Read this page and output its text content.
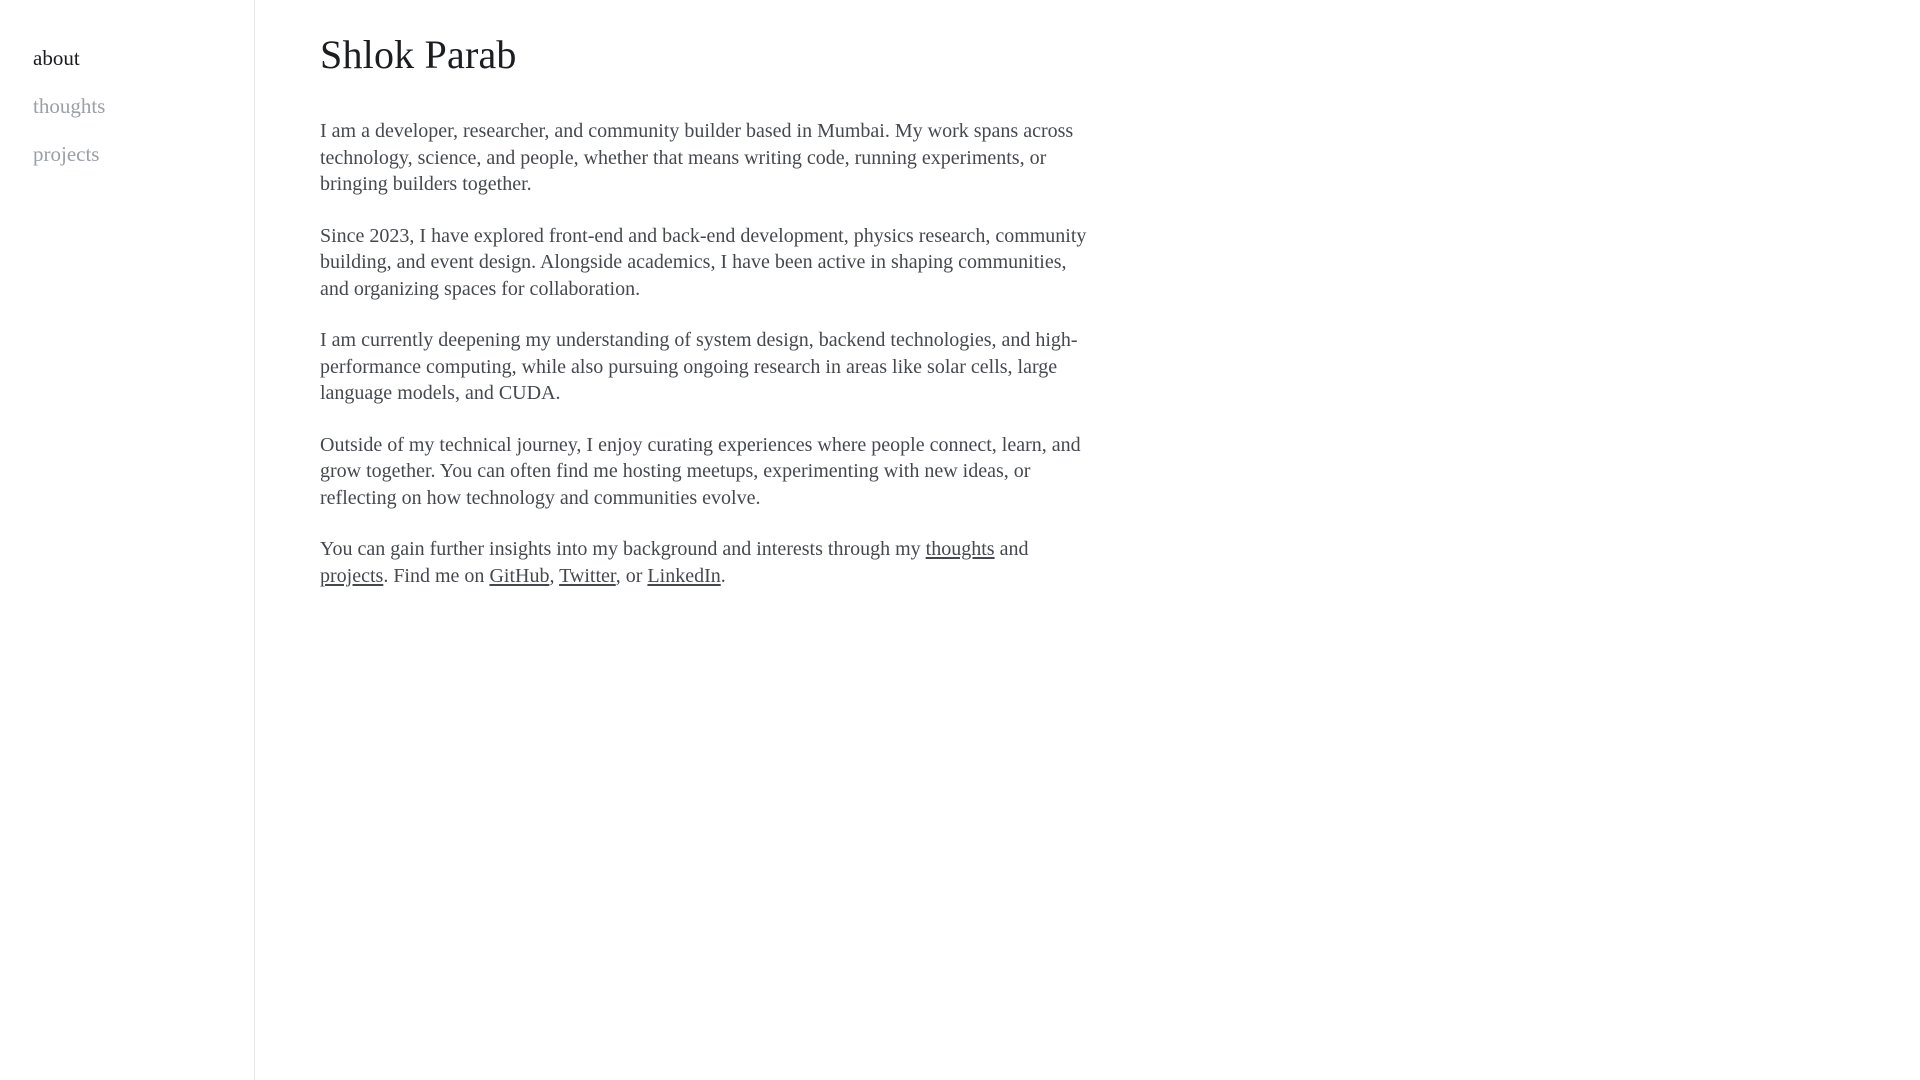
about
thoughts
projects
Shlok Parab

I am a developer, researcher, and community builder based in Mumbai. My work spans across technology, science, and people, whether that means writing code, running experiments, or bringing builders together.

Since 2023, I have explored front-end and back-end development, physics research, community building, and event design. Alongside academics, I have been active in shaping communities, and organizing spaces for collaboration.

I am currently deepening my understanding of system design, backend technologies, and high-performance computing, while also pursuing ongoing research in areas like solar cells, large language models, and CUDA.

Outside of my technical journey, I enjoy curating experiences where people connect, learn, and grow together. You can often find me hosting meetups, experimenting with new ideas, or reflecting on how technology and communities evolve.

You can gain further insights into my background and interests through my thoughts and projects. Find me on GitHub, Twitter, or LinkedIn.
